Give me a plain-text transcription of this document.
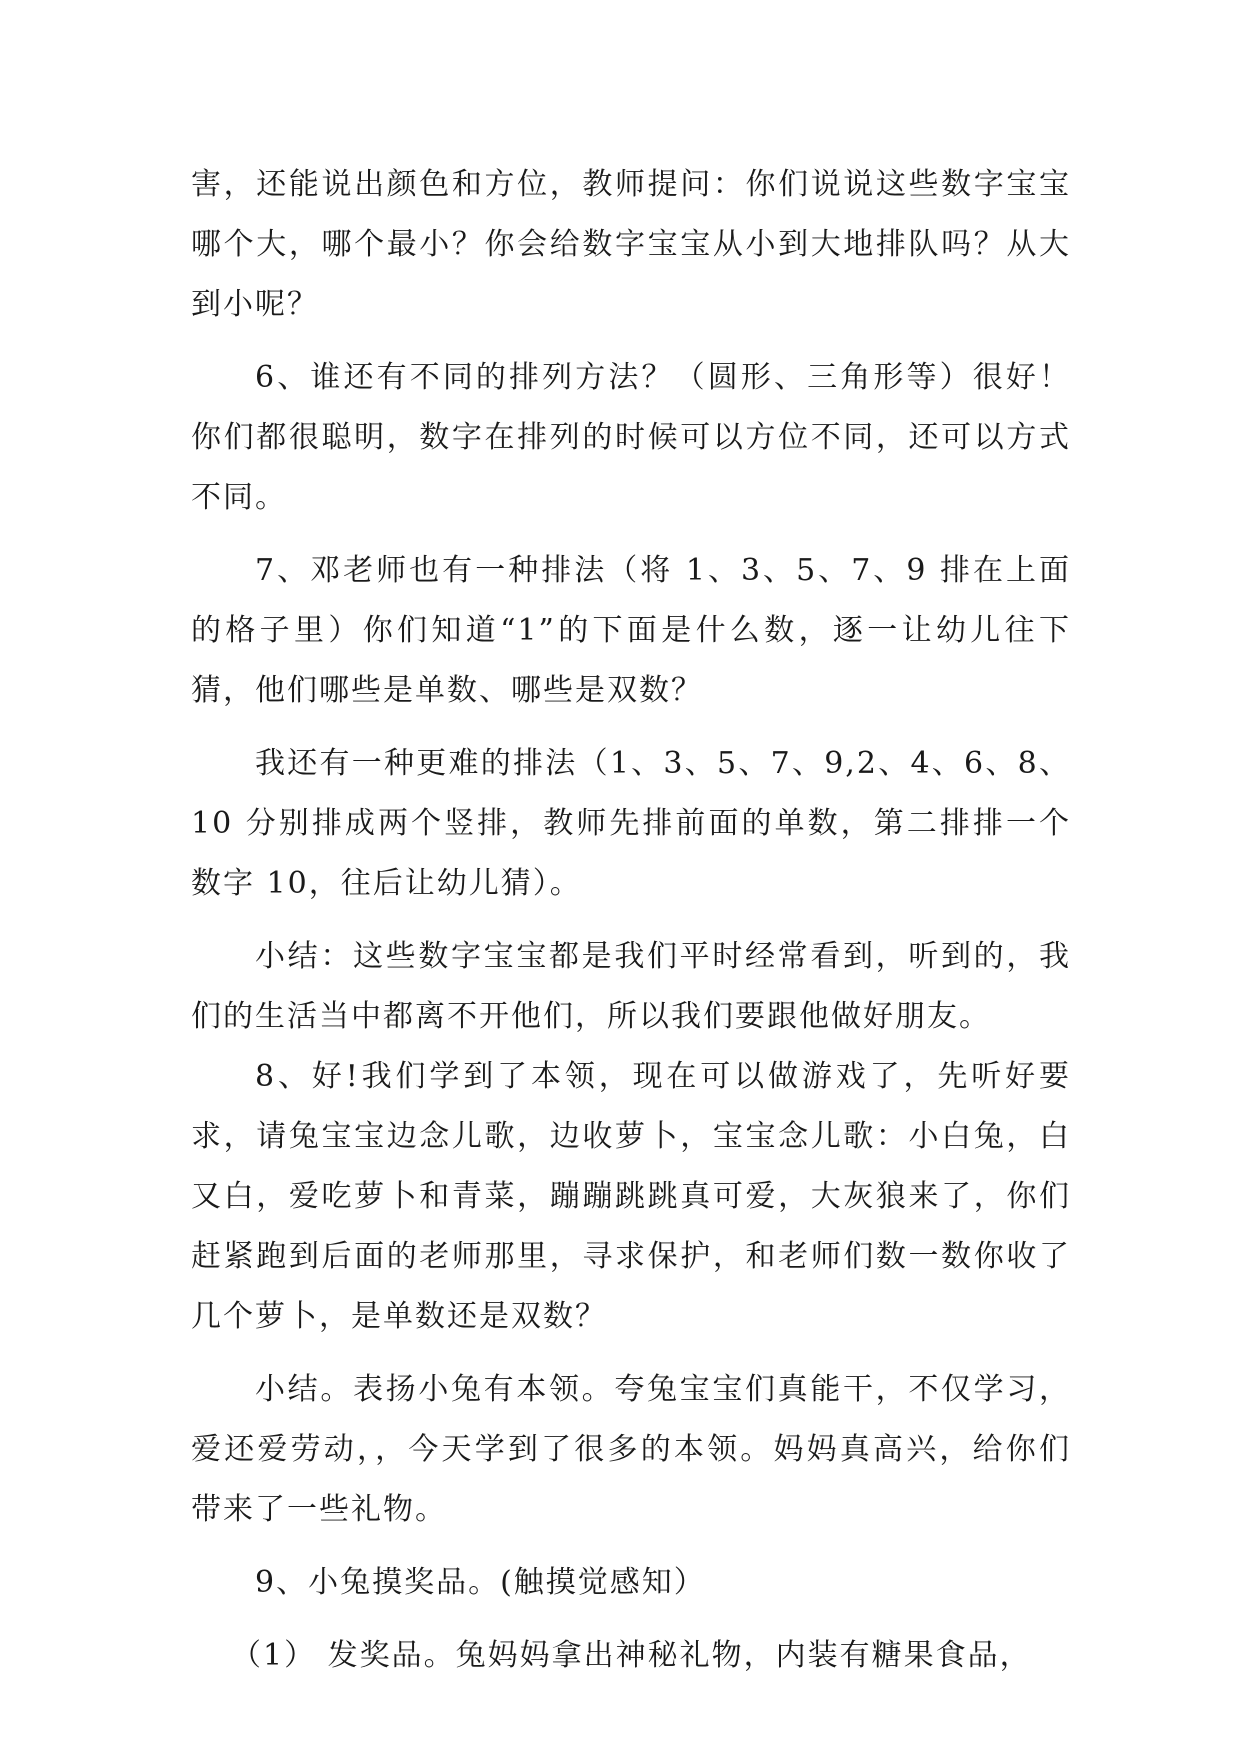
害，还能说出颜色和方位，教师提问：你们说说这些数字宝宝哪个大，哪个最小？你会给数字宝宝从小到大地排队吗？从大到小呢？

6、谁还有不同的排列方法？（圆形、三角形等）很好！你们都很聪明，数字在排列的时候可以方位不同，还可以方式不同。

7、邓老师也有一种排法（将 1、3、5、7、9 排在上面的格子里）你们知道“1”的下面是什么数，逐一让幼儿往下猜，他们哪些是单数、哪些是双数？

我还有一种更难的排法（1、3、5、7、9,2、4、6、8、10 分别排成两个竖排，教师先排前面的单数，第二排排一个数字 10，往后让幼儿猜）。

小结：这些数字宝宝都是我们平时经常看到，听到的，我们的生活当中都离不开他们，所以我们要跟他做好朋友。

8、好!我们学到了本领，现在可以做游戏了，先听好要求，请兔宝宝边念儿歌，边收萝卜，宝宝念儿歌：小白兔，白又白，爱吃萝卜和青菜，蹦蹦跳跳真可爱，大灰狼来了，你们赶紧跑到后面的老师那里，寻求保护，和老师们数一数你收了几个萝卜，是单数还是双数？

小结。表扬小兔有本领。夸兔宝宝们真能干，不仅学习，爱还爱劳动，，今天学到了很多的本领。妈妈真高兴，给你们带来了一些礼物。

9、小兔摸奖品。(触摸觉感知）

（1） 发奖品。兔妈妈拿出神秘礼物，内装有糖果食品，
